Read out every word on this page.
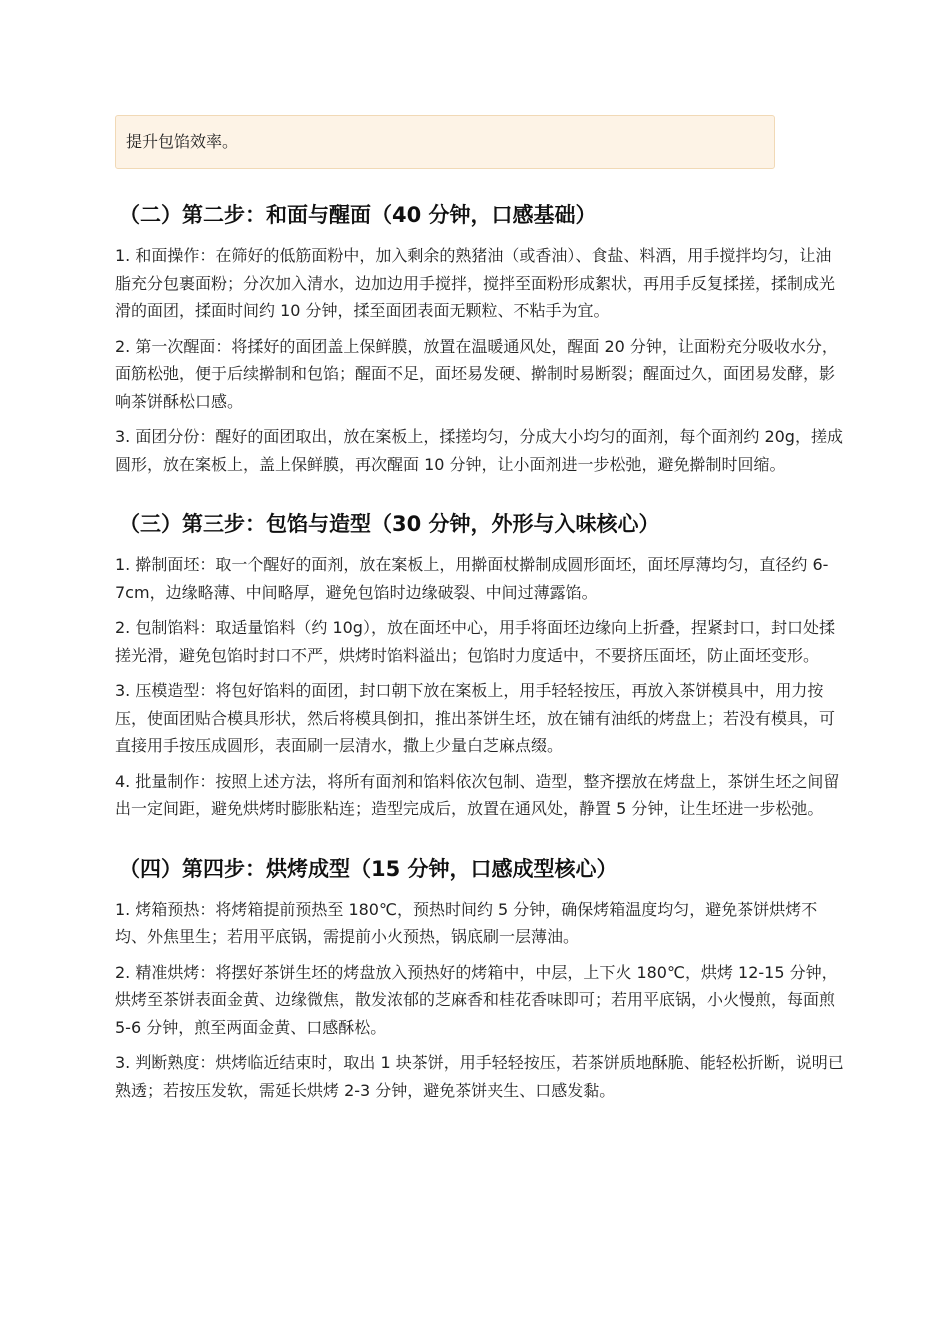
提升包馅效率。
（二）第二步：和面与醒面（40 分钟，口感基础）

1. 和面操作：在筛好的低筋面粉中，加入剩余的熟猪油（或香油）、食盐、料酒，用手搅拌均匀，让油脂充分包裹面粉；分次加入清水，边加边用手搅拌，搅拌至面粉形成絮状，再用手反复揉搓，揉制成光滑的面团，揉面时间约 10 分钟，揉至面团表面无颗粒、不粘手为宜。

2. 第一次醒面：将揉好的面团盖上保鲜膜，放置在温暖通风处，醒面 20 分钟，让面粉充分吸收水分，面筋松弛，便于后续擀制和包馅；醒面不足，面坯易发硬、擀制时易断裂；醒面过久，面团易发酵，影响茶饼酥松口感。

3. 面团分份：醒好的面团取出，放在案板上，揉搓均匀，分成大小均匀的面剂，每个面剂约 20g，搓成圆形，放在案板上，盖上保鲜膜，再次醒面 10 分钟，让小面剂进一步松弛，避免擀制时回缩。

（三）第三步：包馅与造型（30 分钟，外形与入味核心）

1. 擀制面坯：取一个醒好的面剂，放在案板上，用擀面杖擀制成圆形面坯，面坯厚薄均匀，直径约 6-7cm，边缘略薄、中间略厚，避免包馅时边缘破裂、中间过薄露馅。

2. 包制馅料：取适量馅料（约 10g），放在面坯中心，用手将面坯边缘向上折叠，捏紧封口，封口处揉搓光滑，避免包馅时封口不严，烘烤时馅料溢出；包馅时力度适中，不要挤压面坯，防止面坯变形。

3. 压模造型：将包好馅料的面团，封口朝下放在案板上，用手轻轻按压，再放入茶饼模具中，用力按压，使面团贴合模具形状，然后将模具倒扣，推出茶饼生坯，放在铺有油纸的烤盘上；若没有模具，可直接用手按压成圆形，表面刷一层清水，撒上少量白芝麻点缀。

4. 批量制作：按照上述方法，将所有面剂和馅料依次包制、造型，整齐摆放在烤盘上，茶饼生坯之间留出一定间距，避免烘烤时膨胀粘连；造型完成后，放置在通风处，静置 5 分钟，让生坯进一步松弛。

（四）第四步：烘烤成型（15 分钟，口感成型核心）

1. 烤箱预热：将烤箱提前预热至 180℃，预热时间约 5 分钟，确保烤箱温度均匀，避免茶饼烘烤不均、外焦里生；若用平底锅，需提前小火预热，锅底刷一层薄油。

2. 精准烘烤：将摆好茶饼生坯的烤盘放入预热好的烤箱中，中层，上下火 180℃，烘烤 12-15 分钟，烘烤至茶饼表面金黄、边缘微焦，散发浓郁的芝麻香和桂花香味即可；若用平底锅，小火慢煎，每面煎 5-6 分钟，煎至两面金黄、口感酥松。

3. 判断熟度：烘烤临近结束时，取出 1 块茶饼，用手轻轻按压，若茶饼质地酥脆、能轻松折断，说明已熟透；若按压发软，需延长烘烤 2-3 分钟，避免茶饼夹生、口感发黏。
